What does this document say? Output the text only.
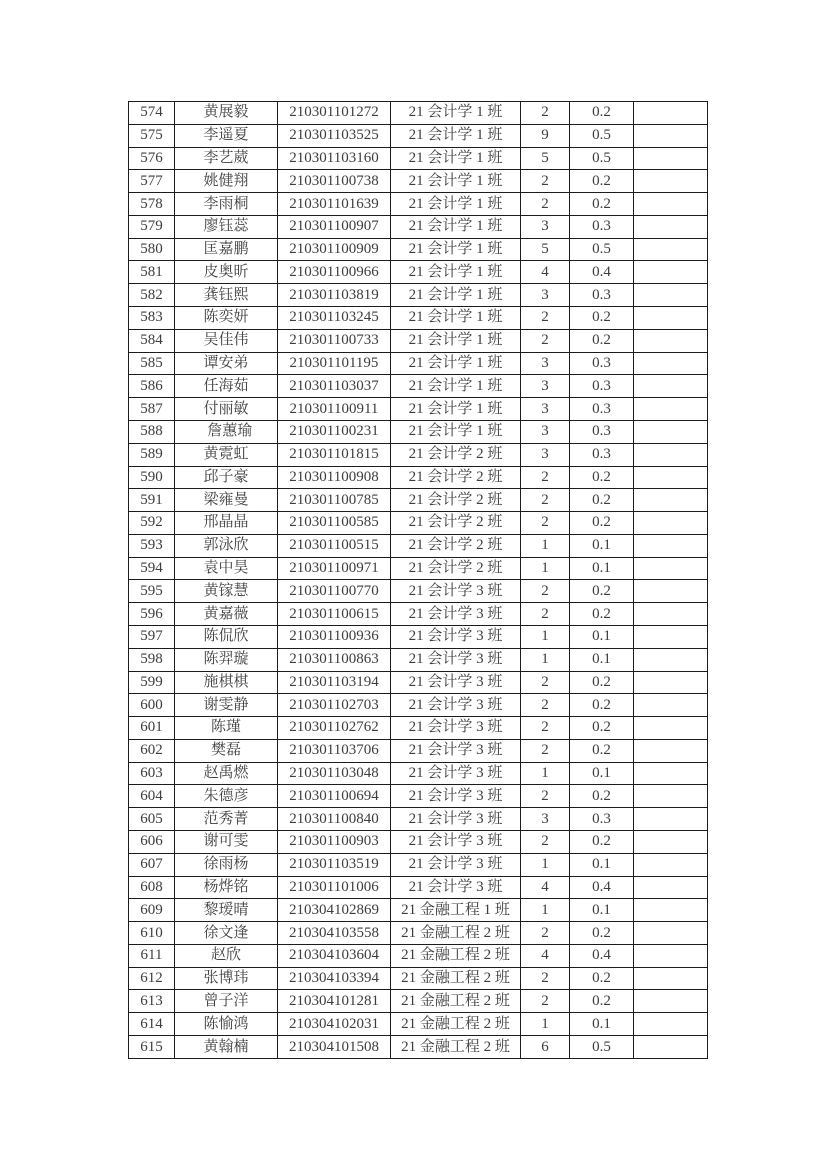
574	黄展毅	210301101272	21 会计学 1 班	2	0.2	
575	李遥夏	210301103525	21 会计学 1 班	9	0.5	
576	李艺葳	210301103160	21 会计学 1 班	5	0.5	
577	姚健翔	210301100738	21 会计学 1 班	2	0.2	
578	李雨桐	210301101639	21 会计学 1 班	2	0.2	
579	廖钰蕊	210301100907	21 会计学 1 班	3	0.3	
580	匡嘉鹏	210301100909	21 会计学 1 班	5	0.5	
581	皮奥昕	210301100966	21 会计学 1 班	4	0.4	
582	龚钰熙	210301103819	21 会计学 1 班	3	0.3	
583	陈奕妍	210301103245	21 会计学 1 班	2	0.2	
584	吴佳伟	210301100733	21 会计学 1 班	2	0.2	
585	谭安弟	210301101195	21 会计学 1 班	3	0.3	
586	任海茹	210301103037	21 会计学 1 班	3	0.3	
587	付丽敏	210301100911	21 会计学 1 班	3	0.3	
588	 詹蕙瑜	210301100231	21 会计学 1 班	3	0.3	
589	黄霓虹	210301101815	21 会计学 2 班	3	0.3	
590	邱子豪	210301100908	21 会计学 2 班	2	0.2	
591	梁雍曼	210301100785	21 会计学 2 班	2	0.2	
592	邢晶晶	210301100585	21 会计学 2 班	2	0.2	
593	郭泳欣	210301100515	21 会计学 2 班	1	0.1	
594	袁中昊	210301100971	21 会计学 2 班	1	0.1	
595	黄镓慧	210301100770	21 会计学 3 班	2	0.2	
596	黄嘉薇	210301100615	21 会计学 3 班	2	0.2	
597	陈侃欣	210301100936	21 会计学 3 班	1	0.1	
598	陈羿璇	210301100863	21 会计学 3 班	1	0.1	
599	施棋棋	210301103194	21 会计学 3 班	2	0.2	
600	谢雯静	210301102703	21 会计学 3 班	2	0.2	
601	陈瑾	210301102762	21 会计学 3 班	2	0.2	
602	樊磊	210301103706	21 会计学 3 班	2	0.2	
603	赵禹燃	210301103048	21 会计学 3 班	1	0.1	
604	朱德彦	210301100694	21 会计学 3 班	2	0.2	
605	范秀菁	210301100840	21 会计学 3 班	3	0.3	
606	谢可雯	210301100903	21 会计学 3 班	2	0.2	
607	徐雨杨	210301103519	21 会计学 3 班	1	0.1	
608	杨烨铭	210301101006	21 会计学 3 班	4	0.4	
609	黎瑷晴	210304102869	21 金融工程 1 班	1	0.1	
610	徐文逢	210304103558	21 金融工程 2 班	2	0.2	
611	赵欣	210304103604	21 金融工程 2 班	4	0.4	
612	张博玮	210304103394	21 金融工程 2 班	2	0.2	
613	曾子洋	210304101281	21 金融工程 2 班	2	0.2	
614	陈愉鸿	210304102031	21 金融工程 2 班	1	0.1	
615	黄翰楠	210304101508	21 金融工程 2 班	6	0.5	
